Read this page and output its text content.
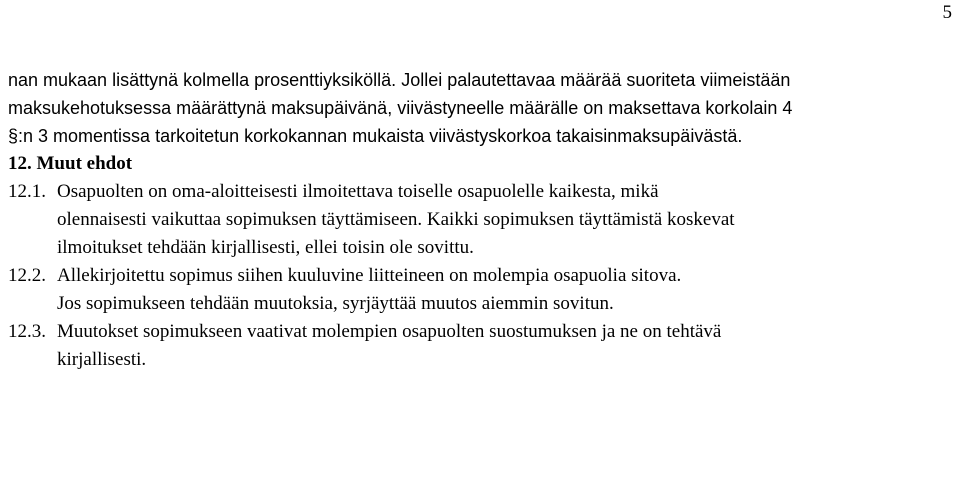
5

nan mukaan lisättynä kolmella prosenttiyksiköllä. Jollei palautettavaa määrää suoriteta viimeistään
maksukehotuksessa määrättynä maksupäivänä, viivästyneelle määrälle on maksettava korkolain 4
§:n 3 momentissa tarkoitetun korkokannan mukaista viivästyskorkoa takaisinmaksupäivästä.

12. Muut ehdot

12.1. Osapuolten on oma-aloitteisesti ilmoitettava toiselle osapuolelle kaikesta, mikä
olennaisesti vaikuttaa sopimuksen täyttämiseen. Kaikki sopimuksen täyttämistä koskevat
ilmoitukset tehdään kirjallisesti, ellei toisin ole sovittu.
12.2. Allekirjoitettu sopimus siihen kuuluvine liitteineen on molempia osapuolia sitova.
Jos sopimukseen tehdään muutoksia, syrjäyttää muutos aiemmin sovitun.
12.3. Muutokset sopimukseen vaativat molempien osapuolten suostumuksen ja ne on tehtävä
kirjallisesti.
